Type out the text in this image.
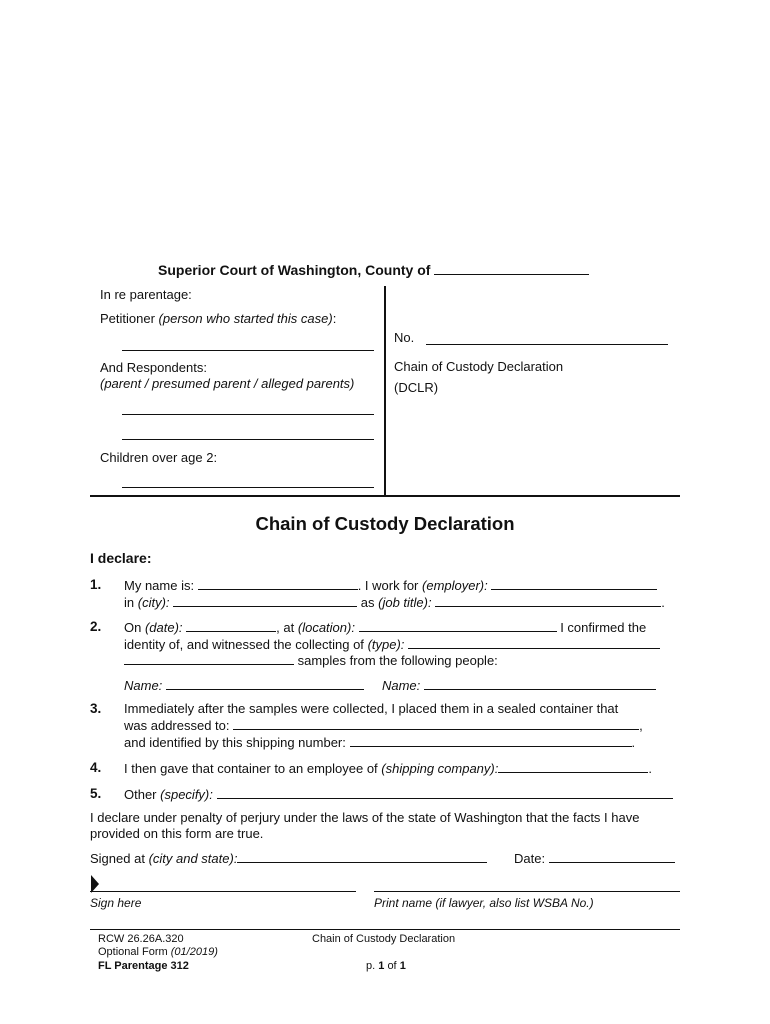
Superior Court of Washington, County of
In re parentage:
Petitioner (person who started this case):
And Respondents:
(parent / presumed parent / alleged parents)
Children over age 2:
No.
Chain of Custody Declaration
(DCLR)
Chain of Custody Declaration
I declare:
1. My name is:	. I work for (employer):
in (city):	as (job title):	.
2. On (date):	, at (location):	I confirmed the
identity of, and witnessed the collecting of (type):
samples from the following people:
Name:	Name:
3. Immediately after the samples were collected, I placed them in a sealed container that
was addressed to:	,
and identified by this shipping number:	.
4. I then gave that container to an employee of (shipping company):	.
5. Other (specify):
I declare under penalty of perjury under the laws of the state of Washington that the facts I have
provided on this form are true.
Signed at (city and state):	Date:
Sign here	Print name (if lawyer, also list WSBA No.)
RCW 26.26A.320
Optional Form (01/2019)
FL Parentage 312
Chain of Custody Declaration
p. 1 of 1
